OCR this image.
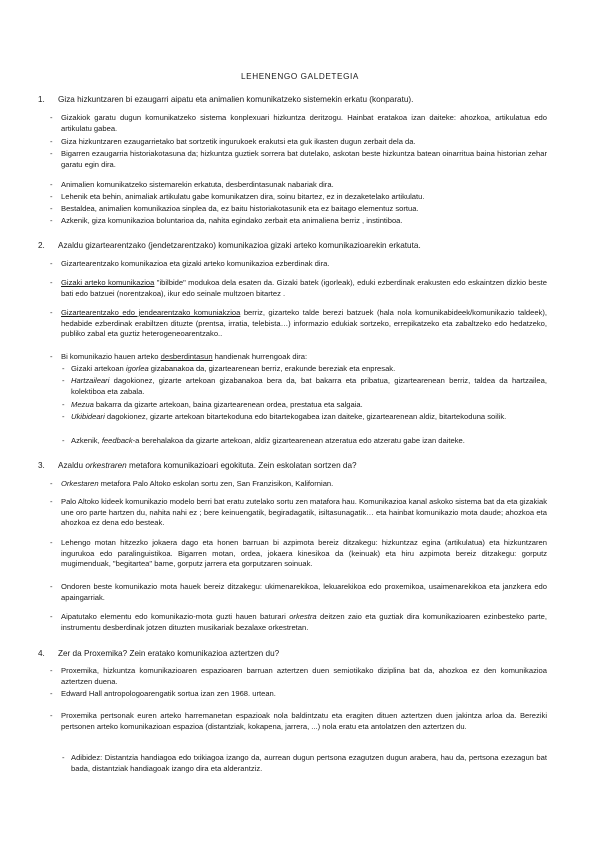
LEHENENGO GALDETEGIA
1. Giza hizkuntzaren bi ezaugarri aipatu eta animalien komunikatzeko sistemekin erkatu (konparatu).
- Gizakiok garatu dugun komunikatzeko sistema konplexuari hizkuntza deritzogu. Hainbat eratakoa izan daiteke: ahozkoa, artikulatua edo artikulatu gabea.
- Giza hizkuntzaren ezaugarrietako bat sortzetik ingurukoek erakutsi eta guk ikasten dugun zerbait dela da.
- Bigarren ezaugarria historiakotasuna da; hizkuntza guztiek sorrera bat dutelako, askotan beste hizkuntza batean oinarritua baina historian zehar garatu egin dira.
- Animalien komunikatzeko sistemarekin erkatuta, desberdintasunak nabariak dira.
- Lehenik eta behin, animaliak artikulatu gabe komunikatzen dira, soinu bitartez, ez in dezaketelako artikulatu.
- Bestaldea, animalien komunikazioa sinplea da, ez baitu historiakotasunik eta ez baitago elementuz sortua.
- Azkenik, giza komunikazioa boluntarioa da, nahita egindako zerbait eta animaliena berriz , instintiboa.
2. Azaldu gizartearentzako (jendetzarentzako) komunikazioa gizaki arteko komunikazioarekin erkatuta.
- Gizartearentzako komunikazioa eta gizaki arteko komunikazioa ezberdinak dira.
- Gizaki arteko komunikazioa "ibilbide" modukoa dela esaten da. Gizaki batek (igorleak), eduki ezberdinak erakusten edo eskaintzen dizkio beste bati edo batzuei (norentzakoa), ikur edo seinale multzoen bitartez .
- Gizartearentzako edo jendearentzako komuniakzioa berriz, gizarteko talde berezi batzuek (hala nola komunikabideek/komunikazio taldeek), hedabide ezberdinak erabiltzen dituzte (prentsa, irratia, telebista…) informazio edukiak sortzeko, errepikatzeko eta zabaltzeko edo hedatzeko, publiko zabal eta guztiz heterogeneoarentzako..
- Bi komunikazio hauen arteko desberdintasun handienak hurrengoak dira:
- Gizaki artekoan igorlea gizabanakoa da, gizartearenean berriz, erakunde bereziak eta enpresak.
- Hartzaileari dagokionez, gizarte artekoan gizabanakoa bera da, bat bakarra eta pribatua, gizartearenean berriz, taldea da hartzailea, kolektiboa eta zabala.
- Mezua bakarra da gizarte artekoan, baina gizartearenean ordea, prestatua eta salgaia.
- Ukibideari dagokionez, gizarte artekoan bitartekoduna edo bitartekogabea izan daiteke, gizartearenean aldiz, bitartekoduna soilik.
- Azkenik, feedback-a berehalakoa da gizarte artekoan, aldiz gizartearenean atzeratua edo atzeratu gabe izan daiteke.
3. Azaldu orkestraren metafora komunikazioari egokituta. Zein eskolatan sortzen da?
- Orkestaren metafora Palo Altoko eskolan sortu zen, San Franzisikon, Kalifornian.
- Palo Altoko kideek komunikazio modelo berri bat eratu zutelako sortu zen matafora hau. Komunikazioa kanal askoko sistema bat da eta gizakiak une oro parte hartzen du, nahita nahi ez ; bere keinuengatik, begiradagatik, isiltasunagatik… eta hainbat komunikazio mota daude; ahozkoa eta ahozkoa ez dena edo besteak.
- Lehengo motan hitzezko jokaera dago eta honen barruan bi azpimota bereiz ditzakegu: hizkuntzaz egina (artikulatua) eta hizkuntzaren ingurukoa edo paralinguistikoa. Bigarren motan, ordea, jokaera kinesikoa da (keinuak) eta hiru azpimota bereiz ditzakegu: gorputz mugimenduak, "begitartea" bame, gorputz jarrera eta gorputzaren soinuak.
- Ondoren beste komunikazio mota hauek bereiz ditzakegu: ukimenarekikoa, lekuarekikoa edo proxemikoa, usaimenarekikoa eta janzkera edo apaingarriak.
- Aipatutako elementu edo komunikazio-mota guzti hauen baturari orkestra deitzen zaio eta guztiak dira komunikazioaren ezinbesteko parte, instrumentu desberdinak jotzen dituzten musikariak bezalaxe orkestretan.
4. Zer da Proxemika? Zein eratako komunikazioa aztertzen du?
- Proxemika, hizkuntza komunikazioaren espazioaren barruan aztertzen duen semiotikako diziplina bat da, ahozkoa ez den komunikazioa aztertzen duena.
- Edward Hall antropologoarengatik sortua izan zen 1968. urtean.
- Proxemika pertsonak euren arteko harremanetan espazioak nola baldintzatu eta eragiten dituen aztertzen duen jakintza arloa da. Bereziki pertsonen arteko komunikazioan espazioa (distantziak, kokapena, jarrera, ...) nola eratu eta antolatzen den aztertzen du.
- Adibidez: Distantzia handiagoa edo txikiagoa izango da, aurrean dugun pertsona ezagutzen dugun arabera, hau da, pertsona ezezagun bat bada, distantziak handiagoak izango dira eta alderantziz.
